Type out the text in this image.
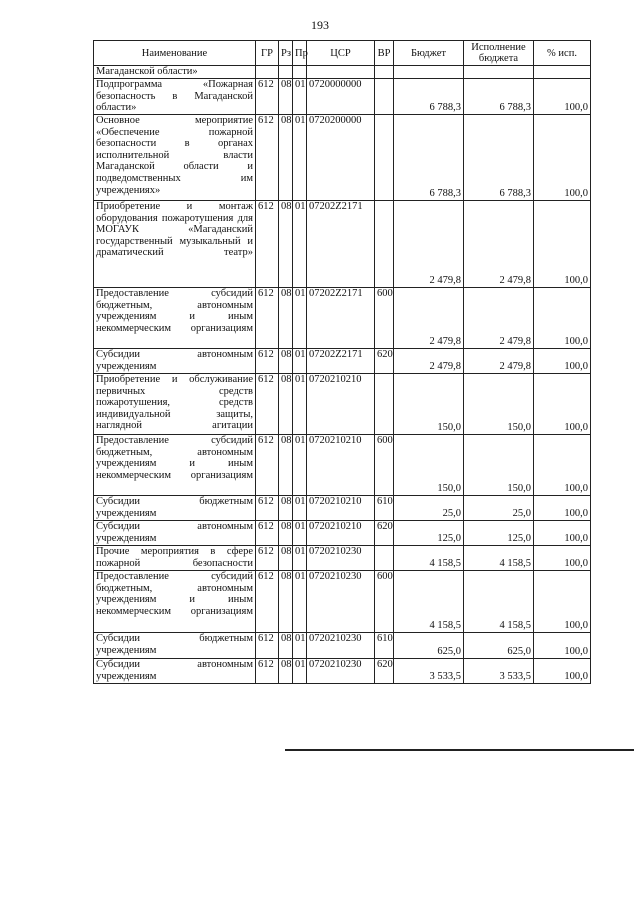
193
Наименование	ГР	Рз	Пр	ЦСР	ВР	Бюджет	Исполнение бюджета	% исп.
Магаданской области»								
Подпрограмма «Пожарная безопасность в Магаданской области»	612	08	01	0720000000		6 788,3	6 788,3	100,0
Основное мероприятие «Обеспечение пожарной безопасности в органах исполнительной власти Магаданской области и подведомственных им учреждениях»	612	08	01	0720200000		6 788,3	6 788,3	100,0
Приобретение и монтаж оборудования пожаротушения для МОГАУК «Магаданский государственный музыкальный и драматический театр»	612	08	01	07202Z2171		2 479,8	2 479,8	100,0
Предоставление субсидий бюджетным, автономным учреждениям и иным некоммерческим организациям	612	08	01	07202Z2171	600	2 479,8	2 479,8	100,0
Субсидии автономным учреждениям	612	08	01	07202Z2171	620	2 479,8	2 479,8	100,0
Приобретение и обслуживание первичных средств пожаротушения, средств индивидуальной защиты, наглядной агитации	612	08	01	0720210210		150,0	150,0	100,0
Предоставление субсидий бюджетным, автономным учреждениям и иным некоммерческим организациям	612	08	01	0720210210	600	150,0	150,0	100,0
Субсидии бюджетным учреждениям	612	08	01	0720210210	610	25,0	25,0	100,0
Субсидии автономным учреждениям	612	08	01	0720210210	620	125,0	125,0	100,0
Прочие мероприятия в сфере пожарной безопасности	612	08	01	0720210230		4 158,5	4 158,5	100,0
Предоставление субсидий бюджетным, автономным учреждениям и иным некоммерческим организациям	612	08	01	0720210230	600	4 158,5	4 158,5	100,0
Субсидии бюджетным учреждениям	612	08	01	0720210230	610	625,0	625,0	100,0
Субсидии автономным учреждениям	612	08	01	0720210230	620	3 533,5	3 533,5	100,0
